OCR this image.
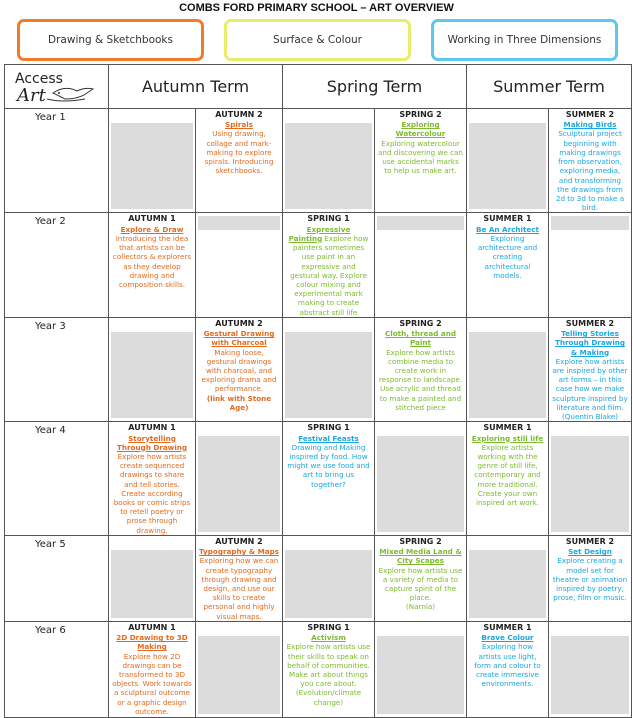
COMBS FORD PRIMARY SCHOOL – ART OVERVIEW
Drawing & Sketchbooks	Surface & Colour	Working in Three Dimensions
Access
Art	Autumn Term		Spring Term		Summer Term	

Year 1		AUTUMN 2
Spirals
Using drawing, collage and mark-making to explore spirals. Introducing sketchbooks.		SPRING 2
Exploring Watercolour
Exploring watercolour and discovering we can use accidental marks to help us make art.		SUMMER 2
Making Birds
Sculptural project beginning with making drawings from observation, exploring media, and transforming the drawings from 2d to 3d to make a bird.

Year 2	AUTUMN 1
Explore & Draw
Introducing the idea that artists can be collectors & explorers as they develop drawing and composition skills.		SPRING 1
Expressive Painting Explore how painters sometimes use paint in an expressive and gestural way. Explore colour mixing and experimental mark making to create abstract still life		SUMMER 1
Be An Architect
Exploring architecture and creating architectural models.	

Year 3		AUTUMN 2
Gestural Drawing with Charcoal
Making loose, gestural drawings with charcoal, and exploring drama and performance.
(link with Stone Age)		SPRING 2
Cloth, thread and Paint
Explore how artists combine media to create work in response to landscape. Use acrylic and thread to make a painted and stitched piece		SUMMER 2
Telling Stories Through Drawing & Making
Explore how artists are inspired by other art forms – in this case how we make sculpture inspired by literature and film. (Quentin Blake)

Year 4	AUTUMN 1
Storytelling Through Drawing
Explore how artists create sequenced drawings to share and tell stories. Create according books or comic strips to retell poetry or prose through drawing.		SPRING 1
Festival Feasts
Drawing and Making inspired by food. How might we use food and art to bring us together?		SUMMER 1
Exploring still life
Explore artists working with the genre of still life, contemporary and more traditional. Create your own inspired art work.	

Year 5		AUTUMN 2
Typography & Maps
Exploring how we can create typography through drawing and design, and use our skills to create personal and highly visual maps.		SPRING 2
Mixed Media Land & City Scapes
Explore how artists use a variety of media to capture spirit of the place.
(Narnia)		SUMMER 2
Set Design
Explore creating a model set for theatre or animation inspired by poetry, prose, film or music.

Year 6	AUTUMN 1
2D Drawing to 3D Making
Explore how 2D drawings can be transformed to 3D objects. Work towards a sculptural outcome or a graphic design outcome.		SPRING 1
Activism
Explore how artists use their skills to speak on behalf of communities. Make art about things you care about.
(Evolution/climate change)		SUMMER 1
Brave Colour
Exploring how artists use light, form and colour to create immersive environments.	
